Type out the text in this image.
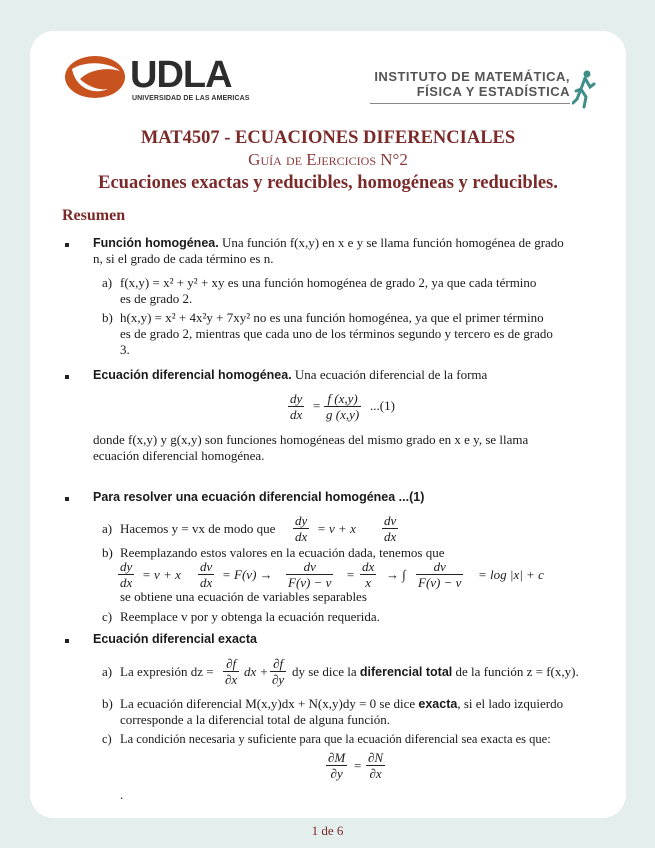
UDLA
UNIVERSIDAD DE LAS AMERICAS
INSTITUTO DE MATEMÁTICA,
FÍSICA Y ESTADÍSTICA
MAT4507 - ECUACIONES DIFERENCIALES
Guía de Ejercicios N°2
Ecuaciones exactas y reducibles, homogéneas y reducibles.
Resumen
Función homogénea. Una función f(x,y) en x e y se llama función homogénea de grado
n, si el grado de cada término es n.
a) f(x,y) = x² + y² + xy es una función homogénea de grado 2, ya que cada término
es de grado 2.
b) h(x,y) = x² + 4x²y + 7xy² no es una función homogénea, ya que el primer término
es de grado 2, mientras que cada uno de los términos segundo y tercero es de grado
3.
Ecuación diferencial homogénea. Una ecuación diferencial de la forma
$\frac{dy}{dx} = \frac{f (x,y)}{g (x,y)} ...(1)$
donde f(x,y) y g(x,y) son funciones homogéneas del mismo grado en x e y, se llama
ecuación diferencial homogénea.
Para resolver una ecuación diferencial homogénea ...(1)
a) Hacemos y = vx de modo que $\frac{dy}{dx} = v + x \frac{dv}{dx}$
b) Reemplazando estos valores en la ecuación dada, tenemos que
$\frac{dy}{dx} = v + x \frac{dv}{dx} = F(v) \to \frac{dv}{F(v) - v} = \frac{dx}{x}$ → ∫ $\frac{dv}{F(v) - v} = \log |x| + c$
se obtiene una ecuación de variables separables
c) Reemplace v por y obtenga la ecuación requerida.
Ecuación diferencial exacta
a) La expresión dz = $\frac{\partial f}{\partial x}$ dx + $\frac{\partial f}{\partial y}$ dy se dice la diferencial total de la función z = f(x,y).
b) La ecuación diferencial M(x,y)dx + N(x,y)dy = 0 se dice exacta, si el lado izquierdo
corresponde a la diferencial total de alguna función.
c) La condición necesaria y suficiente para que la ecuación diferencial sea exacta es que:
$\frac{\partial M}{\partial y} = \frac{\partial N}{\partial x}$
.
1 de 6
